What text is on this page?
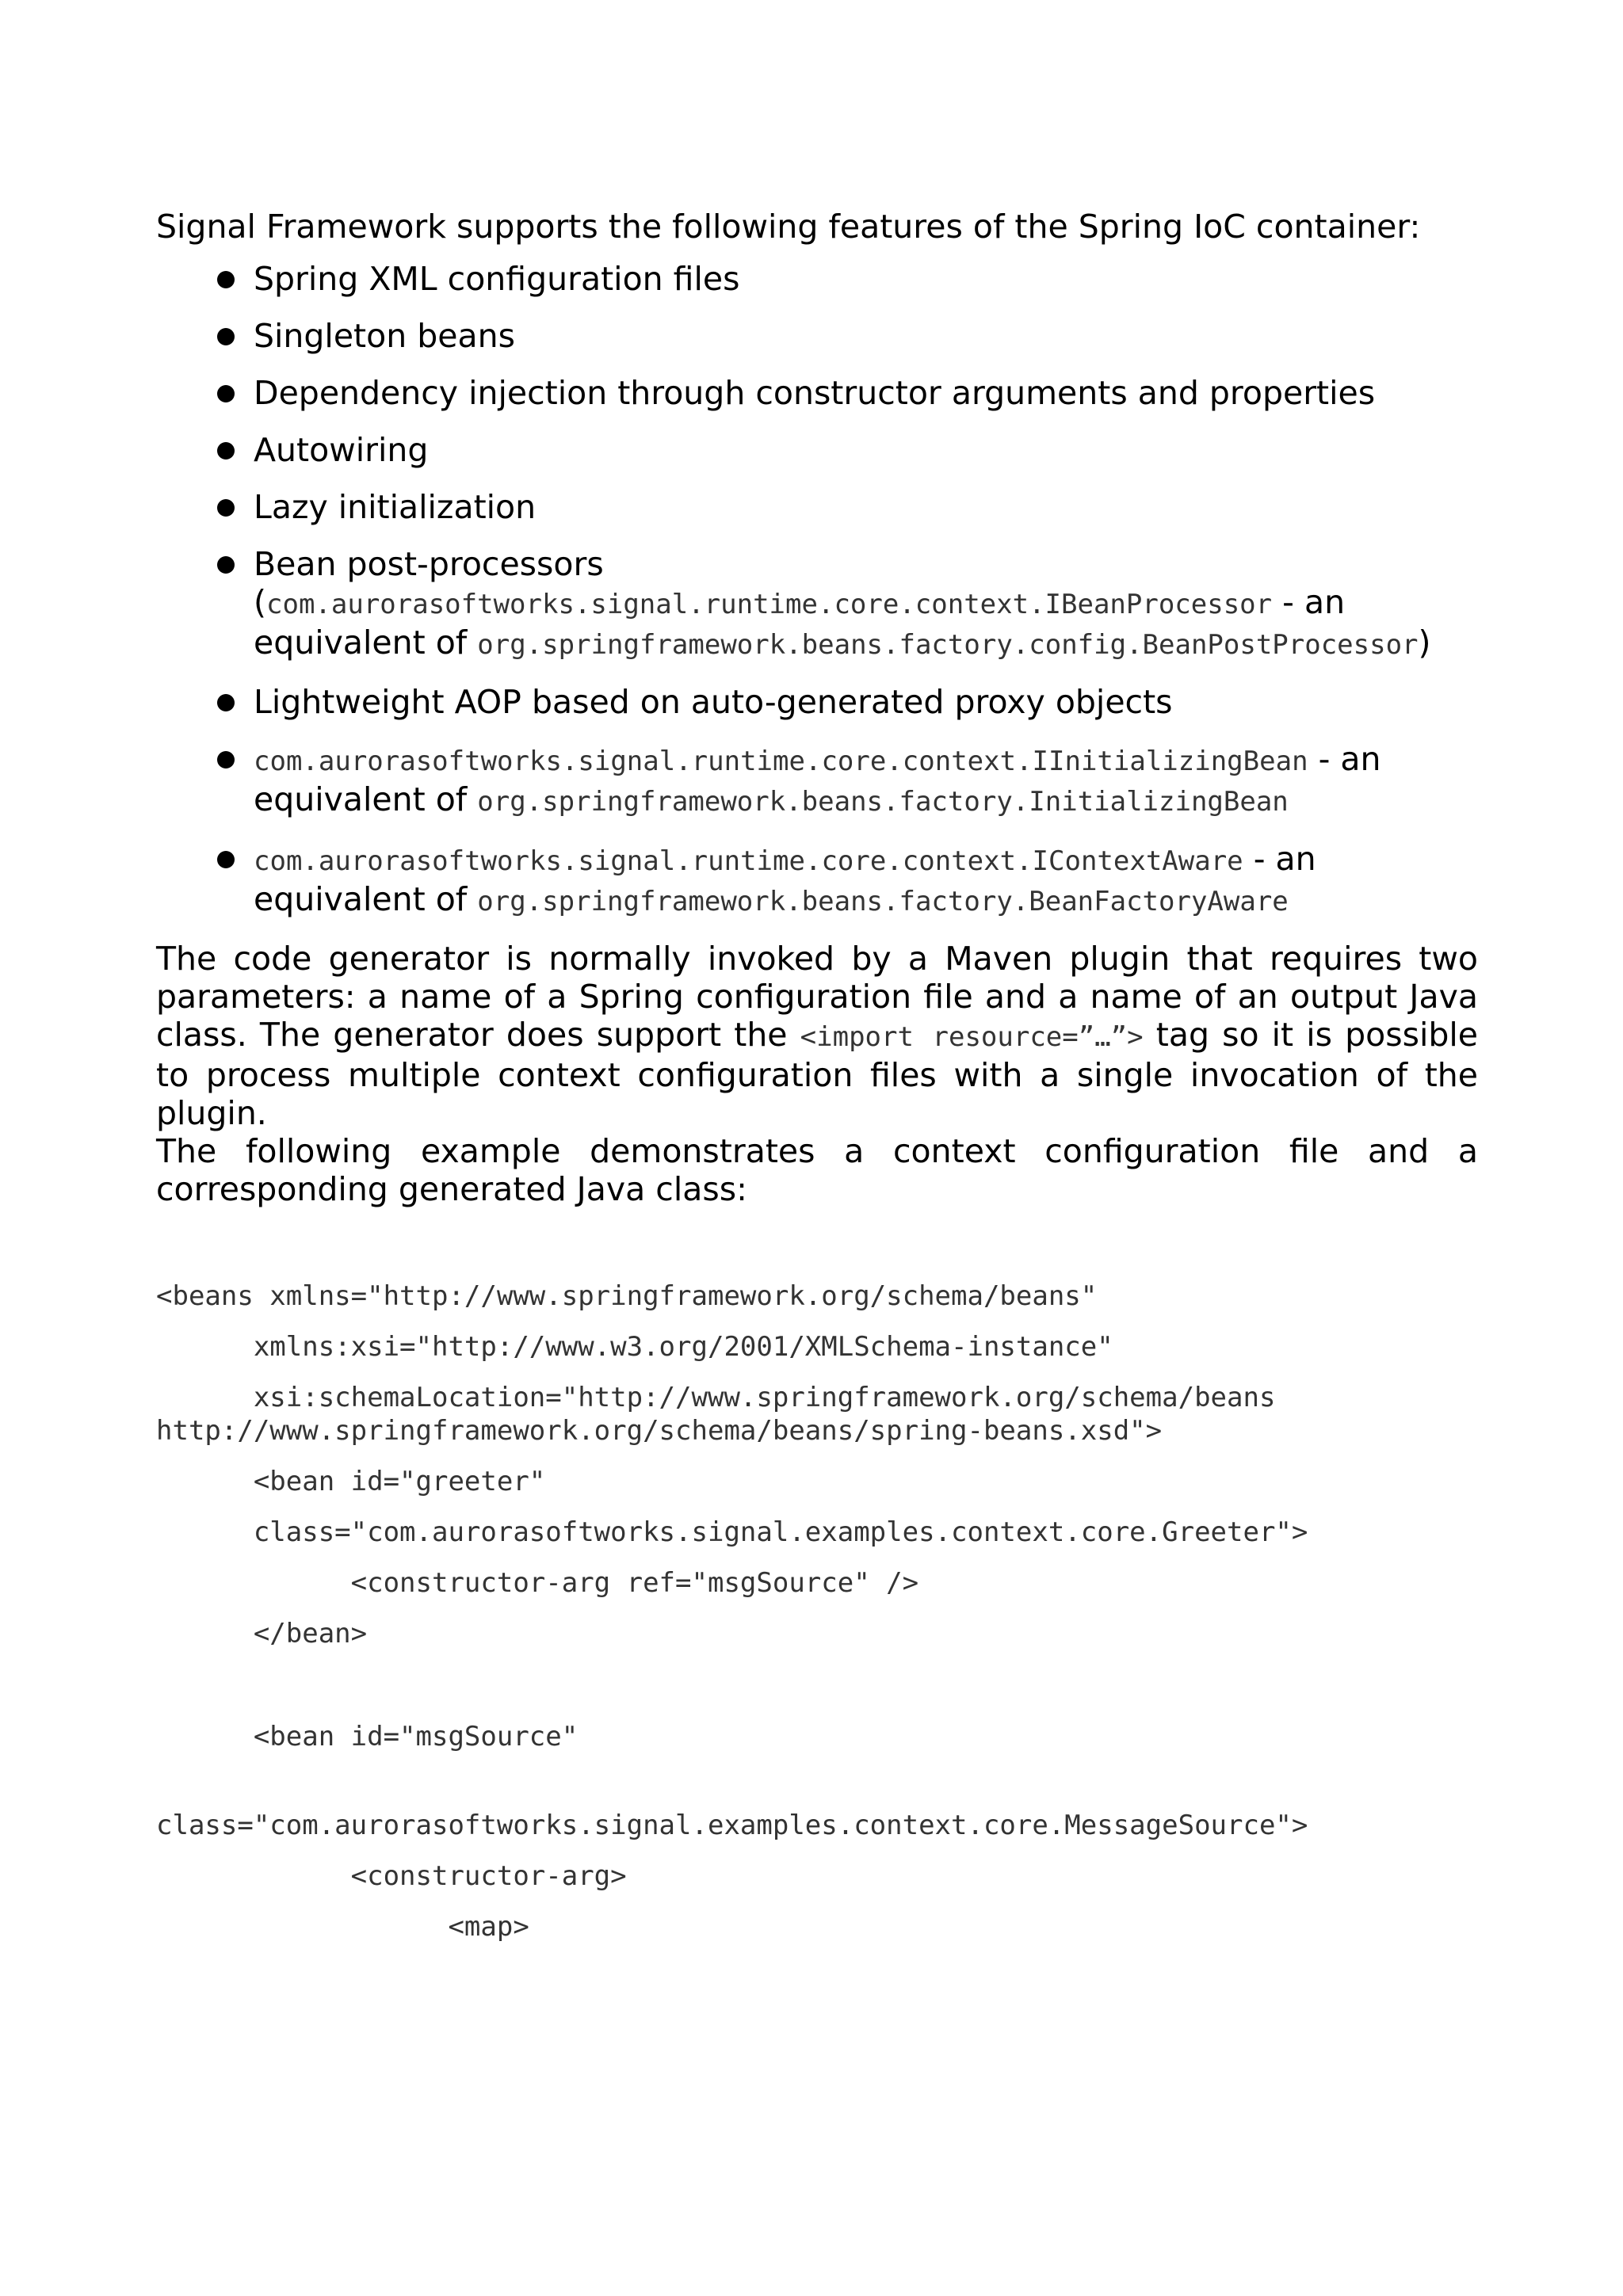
Signal Framework supports the following features of the Spring IoC container:

Spring XML configuration files
Singleton beans
Dependency injection through constructor arguments and properties
Autowiring
Lazy initialization
Bean post-processors (com.aurorasoftworks.signal.runtime.core.context.IBeanProcessor - an equivalent of org.springframework.beans.factory.config.BeanPostProcessor)
Lightweight AOP based on auto-generated proxy objects
com.aurorasoftworks.signal.runtime.core.context.IInitializingBean - an equivalent of org.springframework.beans.factory.InitializingBean
com.aurorasoftworks.signal.runtime.core.context.IContextAware - an equivalent of org.springframework.beans.factory.BeanFactoryAware

The code generator is normally invoked by a Maven plugin that requires two parameters: a name of a Spring configuration file and a name of an output Java class. The generator does support the <import resource=”…”> tag so it is possible to process multiple context configuration files with a single invocation of the plugin.

The following example demonstrates a context configuration file and a corresponding generated Java class:

<beans xmlns="http://www.springframework.org/schema/beans"
xmlns:xsi="http://www.w3.org/2001/XMLSchema-instance"
xsi:schemaLocation="http://www.springframework.org/schema/beans
http://www.springframework.org/schema/beans/spring-beans.xsd">
<bean id="greeter"
class="com.aurorasoftworks.signal.examples.context.core.Greeter">
<constructor-arg ref="msgSource" />
</bean>
<bean id="msgSource"
class="com.aurorasoftworks.signal.examples.context.core.MessageSource">
<constructor-arg>
<map>
